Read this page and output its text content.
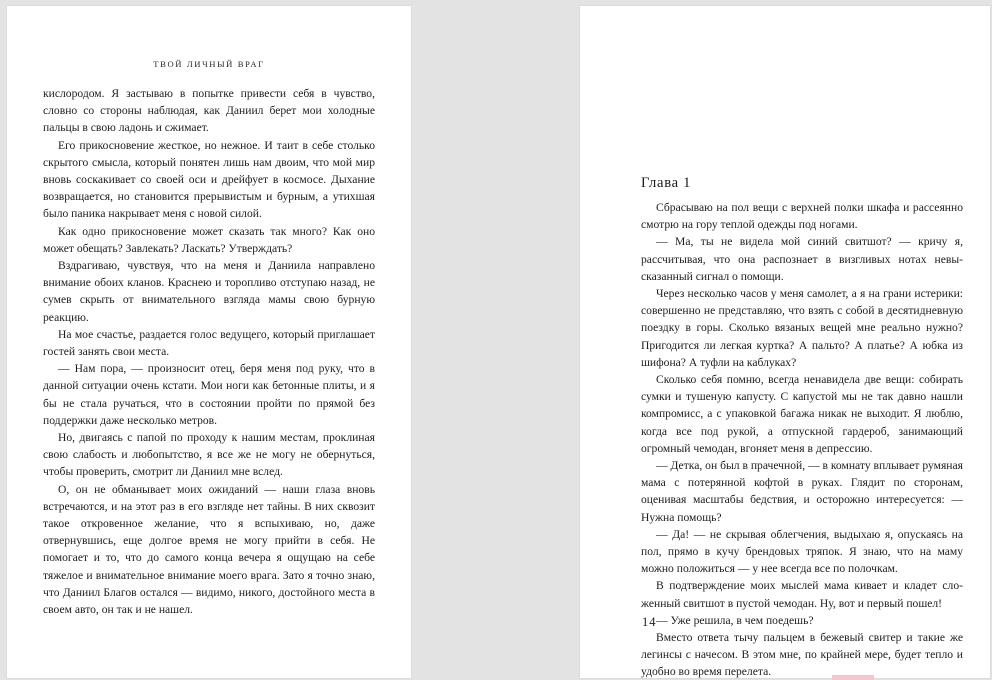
ТВОЙ ЛИЧНЫЙ ВРАГ

кислородом. Я застываю в попытке привести себя в чувство, словно со стороны наблюдая, как Даниил берет мои холодные пальцы в свою ладонь и сжимает.

Его прикосновение жесткое, но нежное. И таит в себе столько скрытого смысла, который понятен лишь нам двоим, что мой мир вновь соскакивает со своей оси и дрейфует в космосе. Дыхание возвращается, но становится прерывистым и бурным, а утихшая было паника накрывает меня с новой силой.

Как одно прикосновение может сказать так много? Как оно может обещать? Завлекать? Ласкать? Утверждать?

Вздрагиваю, чувствуя, что на меня и Даниила направлено внимание обоих кланов. Краснею и торопливо отступаю назад, не сумев скрыть от внимательного взгляда мамы свою бурную реакцию.

На мое счастье, раздается голос ведущего, который приглашает гостей занять свои места.

— Нам пора, — произносит отец, беря меня под руку, что в данной ситуации очень кстати. Мои ноги как бетонные плиты, и я бы не стала ручаться, что в состоянии пройти по прямой без поддержки даже несколько метров.

Но, двигаясь с папой по проходу к нашим местам, проклиная свою слабость и любопытство, я все же не могу не обернуться, чтобы проверить, смотрит ли Даниил мне вслед.

О, он не обманывает моих ожиданий — наши глаза вновь встречаются, и на этот раз в его взгляде нет тайны. В них сквозит такое откровенное желание, что я вспыхиваю, но, даже отвернувшись, еще долгое время не могу прийти в себя. Не помогает и то, что до самого конца вечера я ощущаю на себе тяжелое и внимательное внимание моего врага. Зато я точно знаю, что Даниил Благов остался — видимо, никого, достойного места в своем авто, он так и не нашел.

Глава 1

Сбрасываю на пол вещи с верхней полки шкафа и рассеянно смотрю на гору теплой одежды под ногами.

— Ма, ты не видела мой синий свитшот? — кричу я, рассчитывая, что она распознает в визгливых нотах невысказанный сигнал о помощи.

Через несколько часов у меня самолет, а я на грани истерики: совершенно не представляю, что взять с собой в десятидневную поездку в горы. Сколько вязаных вещей мне реально нужно? Пригодится ли легкая куртка? А пальто? А платье? А юбка из шифона? А туфли на каблуках?

Сколько себя помню, всегда ненавидела две вещи: собирать сумки и тушеную капусту. С капустой мы не так давно нашли компромисс, а с упаковкой багажа никак не выходит. Я люблю, когда все под рукой, а отпускной гардероб, занимающий огромный чемодан, вгоняет меня в депрессию.

— Детка, он был в прачечной, — в комнату вплывает румяная мама с потерянной кофтой в руках. Глядит по сторонам, оценивая масштабы бедствия, и осторожно интересуется: — Нужна помощь?

— Да! — не скрывая облегчения, выдыхаю я, опускаясь на пол, прямо в кучу брендовых тряпок. Я знаю, что на маму можно положиться — у нее всегда все по полочкам.

В подтверждение моих мыслей мама кивает и кладет сложенный свитшот в пустой чемодан. Ну, вот и первый пошел!

— Уже решила, в чем поедешь?

Вместо ответа тычу пальцем в бежевый свитер и такие же легинсы с начесом. В этом мне, по крайней мере, будет тепло и удобно во время перелета.

14
